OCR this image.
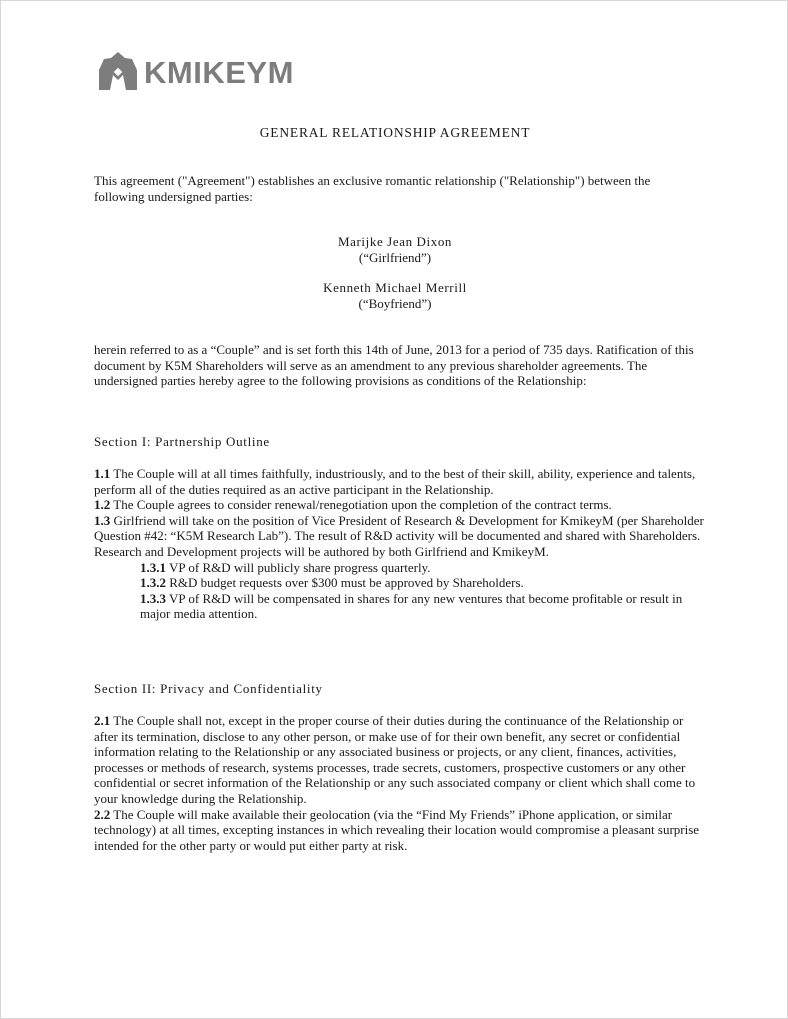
KMIKEYM
GENERAL RELATIONSHIP AGREEMENT

This agreement ("Agreement") establishes an exclusive romantic relationship ("Relationship") between the following undersigned parties:

Marijke Jean Dixon
(“Girlfriend”)
Kenneth Michael Merrill
(“Boyfriend”)

herein referred to as a “Couple” and is set forth this 14th of June, 2013 for a period of 735 days. Ratification of this document by K5M Shareholders will serve as an amendment to any previous shareholder agreements. The undersigned parties hereby agree to the following provisions as conditions of the Relationship:

Section I: Partnership Outline
1.1 The Couple will at all times faithfully, industriously, and to the best of their skill, ability, experience and talents, perform all of the duties required as an active participant in the Relationship.
1.2 The Couple agrees to consider renewal/renegotiation upon the completion of the contract terms.
1.3 Girlfriend will take on the position of Vice President of Research & Development for KmikeyM (per Shareholder Question #42: “K5M Research Lab”). The result of R&D activity will be documented and shared with Shareholders. Research and Development projects will be authored by both Girlfriend and KmikeyM.
1.3.1 VP of R&D will publicly share progress quarterly.
1.3.2 R&D budget requests over $300 must be approved by Shareholders.
1.3.3 VP of R&D will be compensated in shares for any new ventures that become profitable or result in major media attention.
Section II: Privacy and Confidentiality
2.1 The Couple shall not, except in the proper course of their duties during the continuance of the Relationship or after its termination, disclose to any other person, or make use of for their own benefit, any secret or confidential information relating to the Relationship or any associated business or projects, or any client, finances, activities, processes or methods of research, systems processes, trade secrets, customers, prospective customers or any other confidential or secret information of the Relationship or any such associated company or client which shall come to your knowledge during the Relationship.
2.2 The Couple will make available their geolocation (via the “Find My Friends” iPhone application, or similar technology) at all times, excepting instances in which revealing their location would compromise a pleasant surprise intended for the other party or would put either party at risk.
